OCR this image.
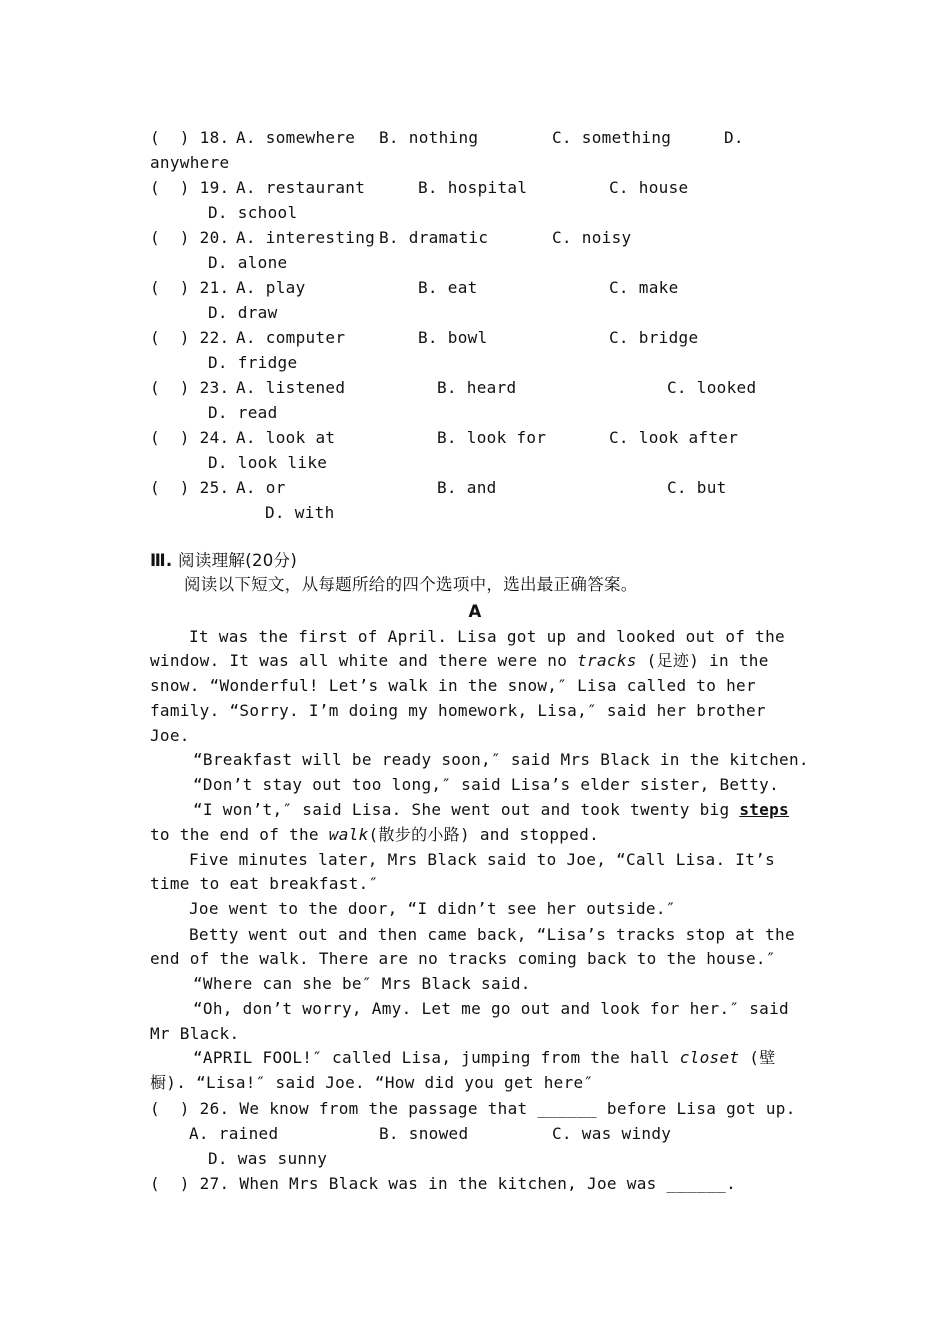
(  ) 18. A. somewhere B. nothing	C. something	D.
anywhere
(  ) 19. A. restaurant	B. hospital	C. house
D. school
(  ) 20. A. interesting B. dramatic	C. noisy
D. alone
(  ) 21. A. play	B. eat	C. make
D. draw
(  ) 22. A. computer	B. bowl	C. bridge
D. fridge
(  ) 23. A. listened	B. heard	C. looked
D. read
(  ) 24. A. look at	B. look for	C. look after
D. look like
(  ) 25. A. or	B. and	C. but
D. with
Ⅲ. 阅读理解(20分)
阅读以下短文，从每题所给的四个选项中，选出最正确答案。
A
It was the first of April. Lisa got up and looked out of the
window. It was all white and there were no tracks (足迹) in the
snow. “Wonderful! Let’s walk in the snow,″ Lisa called to her
family. “Sorry. I’m doing my homework, Lisa,″ said her brother
Joe.
“Breakfast will be ready soon,″ said Mrs Black in the kitchen.
“Don’t stay out too long,″ said Lisa’s elder sister, Betty.
“I won’t,″ said Lisa. She went out and took twenty big steps
to the end of the walk(散步的小路) and stopped.
Five minutes later, Mrs Black said to Joe, “Call Lisa. It’s
time to eat breakfast.″
Joe went to the door, “I didn’t see her outside.″
Betty went out and then came back, “Lisa’s tracks stop at the
end of the walk. There are no tracks coming back to the house.″
“Where can she be″ Mrs Black said.
“Oh, don’t worry, Amy. Let me go out and look for her.″ said
Mr Black.
“APRIL FOOL!″ called Lisa, jumping from the hall closet (壁
橱). “Lisa!″ said Joe. “How did you get here″
(  ) 26. We know from the passage that ______ before Lisa got up.
A. rained	B. snowed	C. was windy
D. was sunny
(  ) 27. When Mrs Black was in the kitchen, Joe was ______.
